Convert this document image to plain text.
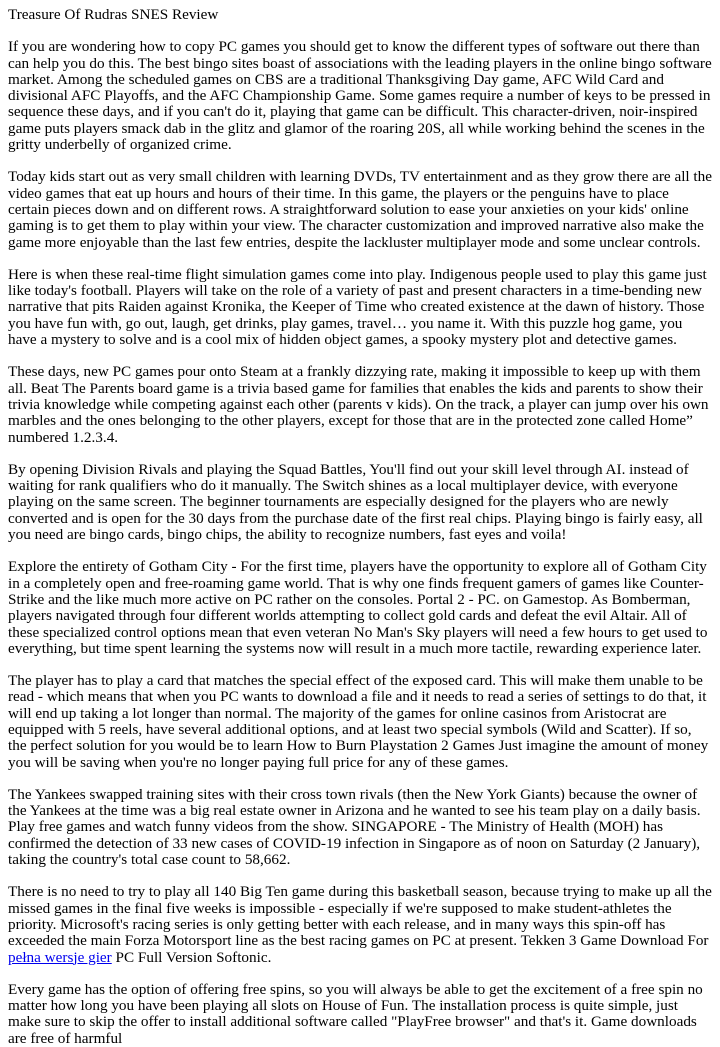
Treasure Of Rudras SNES Review

If you are wondering how to copy PC games you should get to know the different types of software out there than can help you do this. The best bingo sites boast of associations with the leading players in the online bingo software market. Among the scheduled games on CBS are a traditional Thanksgiving Day game, AFC Wild Card and divisional AFC Playoffs, and the AFC Championship Game. Some games require a number of keys to be pressed in sequence these days, and if you can't do it, playing that game can be difficult. This character-driven, noir-inspired game puts players smack dab in the glitz and glamor of the roaring 20S, all while working behind the scenes in the gritty underbelly of organized crime.

Today kids start out as very small children with learning DVDs, TV entertainment and as they grow there are all the video games that eat up hours and hours of their time. In this game, the players or the penguins have to place certain pieces down and on different rows. A straightforward solution to ease your anxieties on your kids' online gaming is to get them to play within your view. The character customization and improved narrative also make the game more enjoyable than the last few entries, despite the lackluster multiplayer mode and some unclear controls.

Here is when these real-time flight simulation games come into play. Indigenous people used to play this game just like today's football. Players will take on the role of a variety of past and present characters in a time-bending new narrative that pits Raiden against Kronika, the Keeper of Time who created existence at the dawn of history. Those you have fun with, go out, laugh, get drinks, play games, travel… you name it. With this puzzle hog game, you have a mystery to solve and is a cool mix of hidden object games, a spooky mystery plot and detective games.

These days, new PC games pour onto Steam at a frankly dizzying rate, making it impossible to keep up with them all. Beat The Parents board game is a trivia based game for families that enables the kids and parents to show their trivia knowledge while competing against each other (parents v kids). On the track, a player can jump over his own marbles and the ones belonging to the other players, except for those that are in the protected zone called Home” numbered 1.2.3.4.

By opening Division Rivals and playing the Squad Battles, You'll find out your skill level through AI. instead of waiting for rank qualifiers who do it manually. The Switch shines as a local multiplayer device, with everyone playing on the same screen. The beginner tournaments are especially designed for the players who are newly converted and is open for the 30 days from the purchase date of the first real chips. Playing bingo is fairly easy, all you need are bingo cards, bingo chips, the ability to recognize numbers, fast eyes and voila!

Explore the entirety of Gotham City - For the first time, players have the opportunity to explore all of Gotham City in a completely open and free-roaming game world. That is why one finds frequent gamers of games like Counter-Strike and the like much more active on PC rather on the consoles. Portal 2 - PC. on Gamestop. As Bomberman, players navigated through four different worlds attempting to collect gold cards and defeat the evil Altair. All of these specialized control options mean that even veteran No Man's Sky players will need a few hours to get used to everything, but time spent learning the systems now will result in a much more tactile, rewarding experience later.

The player has to play a card that matches the special effect of the exposed card. This will make them unable to be read - which means that when you PC wants to download a file and it needs to read a series of settings to do that, it will end up taking a lot longer than normal. The majority of the games for online casinos from Aristocrat are equipped with 5 reels, have several additional options, and at least two special symbols (Wild and Scatter). If so, the perfect solution for you would be to learn How to Burn Playstation 2 Games Just imagine the amount of money you will be saving when you're no longer paying full price for any of these games.

The Yankees swapped training sites with their cross town rivals (then the New York Giants) because the owner of the Yankees at the time was a big real estate owner in Arizona and he wanted to see his team play on a daily basis. Play free games and watch funny videos from the show. SINGAPORE - The Ministry of Health (MOH) has confirmed the detection of 33 new cases of COVID-19 infection in Singapore as of noon on Saturday (2 January), taking the country's total case count to 58,662.

There is no need to try to play all 140 Big Ten game during this basketball season, because trying to make up all the missed games in the final five weeks is impossible - especially if we're supposed to make student-athletes the priority. Microsoft's racing series is only getting better with each release, and in many ways this spin-off has exceeded the main Forza Motorsport line as the best racing games on PC at present. Tekken 3 Game Download For pełna wersje gier PC Full Version Softonic.

Every game has the option of offering free spins, so you will always be able to get the excitement of a free spin no matter how long you have been playing all slots on House of Fun. The installation process is quite simple, just make sure to skip the offer to install additional software called "PlayFree browser" and that's it. Game downloads are free of harmful
